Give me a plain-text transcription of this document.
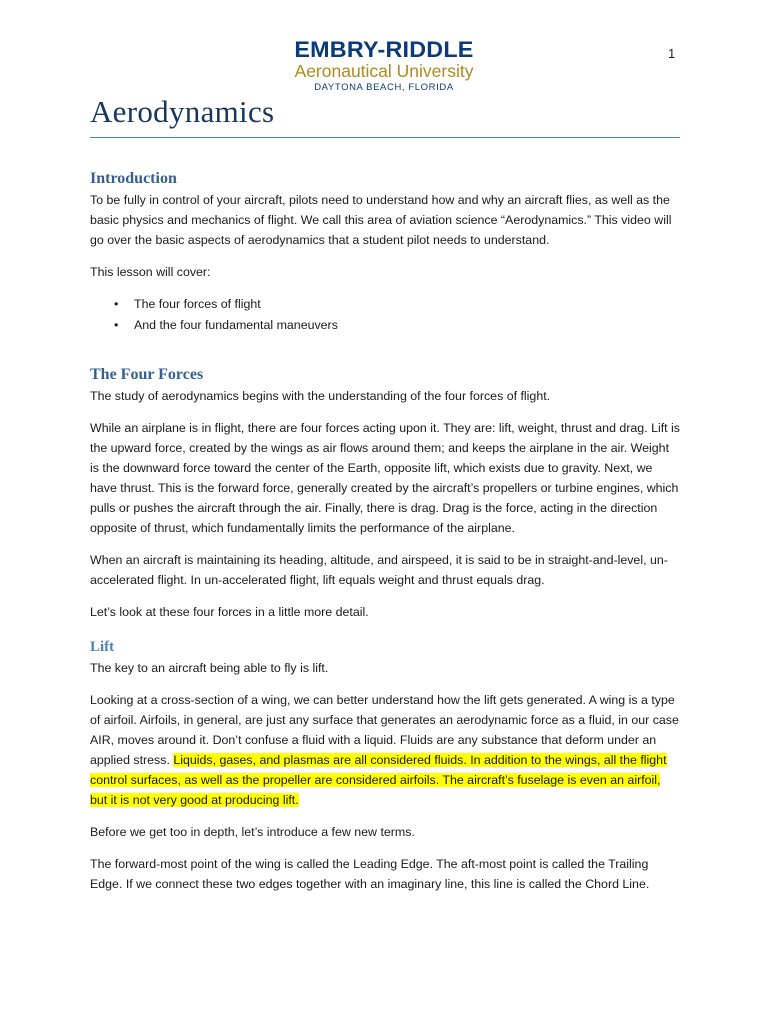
EMBRY-RIDDLE
Aeronautical University
DAYTONA BEACH, FLORIDA
1
Aerodynamics
Introduction

To be fully in control of your aircraft, pilots need to understand how and why an aircraft flies, as well as the basic physics and mechanics of flight. We call this area of aviation science “Aerodynamics.” This video will go over the basic aspects of aerodynamics that a student pilot needs to understand.

This lesson will cover:

• The four forces of flight
• And the four fundamental maneuvers
The Four Forces

The study of aerodynamics begins with the understanding of the four forces of flight.

While an airplane is in flight, there are four forces acting upon it. They are: lift, weight, thrust and drag. Lift is the upward force, created by the wings as air flows around them; and keeps the airplane in the air. Weight is the downward force toward the center of the Earth, opposite lift, which exists due to gravity. Next, we have thrust. This is the forward force, generally created by the aircraft’s propellers or turbine engines, which pulls or pushes the aircraft through the air. Finally, there is drag. Drag is the force, acting in the direction opposite of thrust, which fundamentally limits the performance of the airplane.

When an aircraft is maintaining its heading, altitude, and airspeed, it is said to be in straight-and-level, un-accelerated flight. In un-accelerated flight, lift equals weight and thrust equals drag.

Let’s look at these four forces in a little more detail.

Lift

The key to an aircraft being able to fly is lift.

Looking at a cross-section of a wing, we can better understand how the lift gets generated. A wing is a type of airfoil. Airfoils, in general, are just any surface that generates an aerodynamic force as a fluid, in our case AIR, moves around it. Don’t confuse a fluid with a liquid. Fluids are any substance that deform under an applied stress. Liquids, gases, and plasmas are all considered fluids. In addition to the wings, all the flight control surfaces, as well as the propeller are considered airfoils. The aircraft’s fuselage is even an airfoil, but it is not very good at producing lift.

Before we get too in depth, let’s introduce a few new terms.

The forward-most point of the wing is called the Leading Edge. The aft-most point is called the Trailing Edge. If we connect these two edges together with an imaginary line, this line is called the Chord Line.
